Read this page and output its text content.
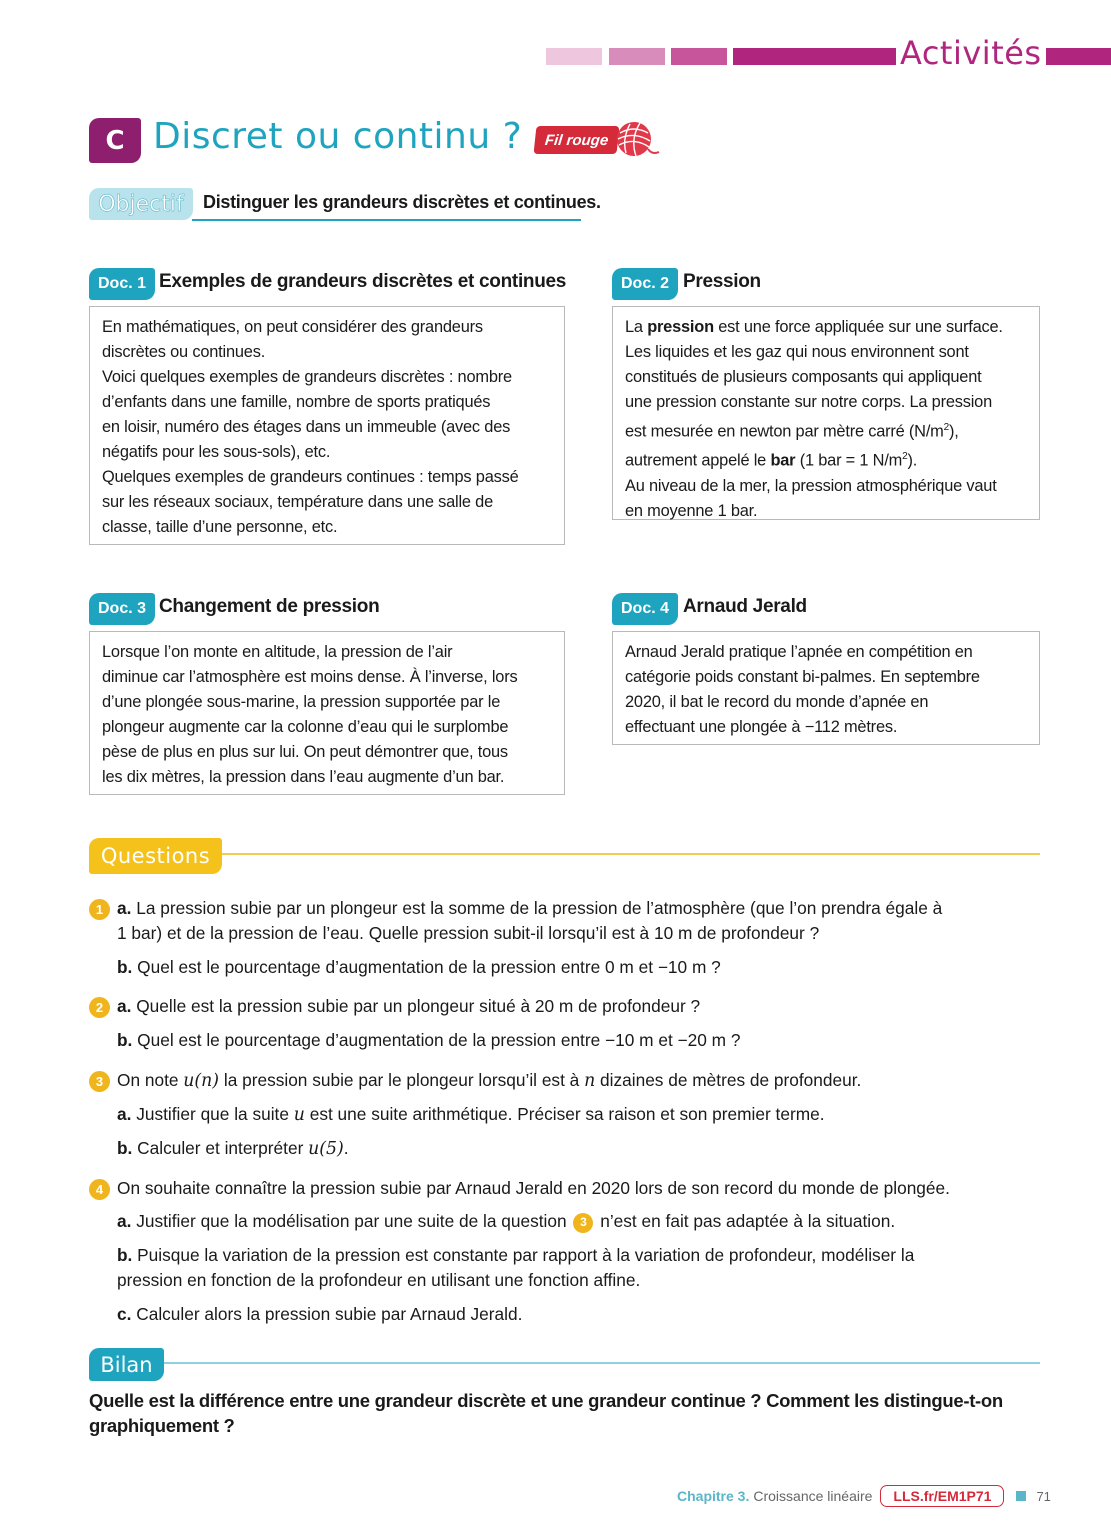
Activités
C Discret ou continu ? Fil rouge
Objectif Distinguer les grandeurs discrètes et continues.
Doc. 1 Exemples de grandeurs discrètes et continues

En mathématiques, on peut considérer des grandeurs

discrètes ou continues.

Voici quelques exemples de grandeurs discrètes : nombre

d’enfants dans une famille, nombre de sports pratiqués

en loisir, numéro des étages dans un immeuble (avec des

négatifs pour les sous-sols), etc.

Quelques exemples de grandeurs continues : temps passé

sur les réseaux sociaux, température dans une salle de

classe, taille d’une personne, etc.

Doc. 2 Pression

La pression est une force appliquée sur une surface.

Les liquides et les gaz qui nous environnent sont

constitués de plusieurs composants qui appliquent

une pression constante sur notre corps. La pression

est mesurée en newton par mètre carré $(N/m^2)$,

autrement appelé le bar (1 bar = 1 $N/m^2$).

Au niveau de la mer, la pression atmosphérique vaut

en moyenne 1 bar.

Doc. 3 Changement de pression

Lorsque l’on monte en altitude, la pression de l’air

diminue car l’atmosphère est moins dense. À l’inverse, lors

d’une plongée sous-marine, la pression supportée par le

plongeur augmente car la colonne d’eau qui le surplombe

pèse de plus en plus sur lui. On peut démontrer que, tous

les dix mètres, la pression dans l’eau augmente d’un bar.

Doc. 4 Arnaud Jerald

Arnaud Jerald pratique l’apnée en compétition en

catégorie poids constant bi-palmes. En septembre

2020, il bat le record du monde d’apnée en

effectuant une plongée à −112 mètres.

Questions
1 a. La pression subie par un plongeur est la somme de la pression de l’atmosphère (que l’on prendra égale à
1 bar) et de la pression de l’eau. Quelle pression subit-il lorsqu’il est à 10 m de profondeur ?
b. Quel est le pourcentage d’augmentation de la pression entre 0 m et −10 m ?
2 a. Quelle est la pression subie par un plongeur situé à 20 m de profondeur ?
b. Quel est le pourcentage d’augmentation de la pression entre −10 m et −20 m ?
3 On note u(n) la pression subie par le plongeur lorsqu’il est à n dizaines de mètres de profondeur.
a. Justifier que la suite u est une suite arithmétique. Préciser sa raison et son premier terme.
b. Calculer et interpréter u(5).
4 On souhaite connaître la pression subie par Arnaud Jerald en 2020 lors de son record du monde de plongée.
a. Justifier que la modélisation par une suite de la question 3 n’est en fait pas adaptée à la situation.
b. Puisque la variation de la pression est constante par rapport à la variation de profondeur, modéliser la
pression en fonction de la profondeur en utilisant une fonction affine.
c. Calculer alors la pression subie par Arnaud Jerald.
Bilan
Quelle est la différence entre une grandeur discrète et une grandeur continue ? Comment les distingue-t-on
graphiquement ?
Chapitre 3. Croissance linéaire	LLS.fr/EM1P71	71
